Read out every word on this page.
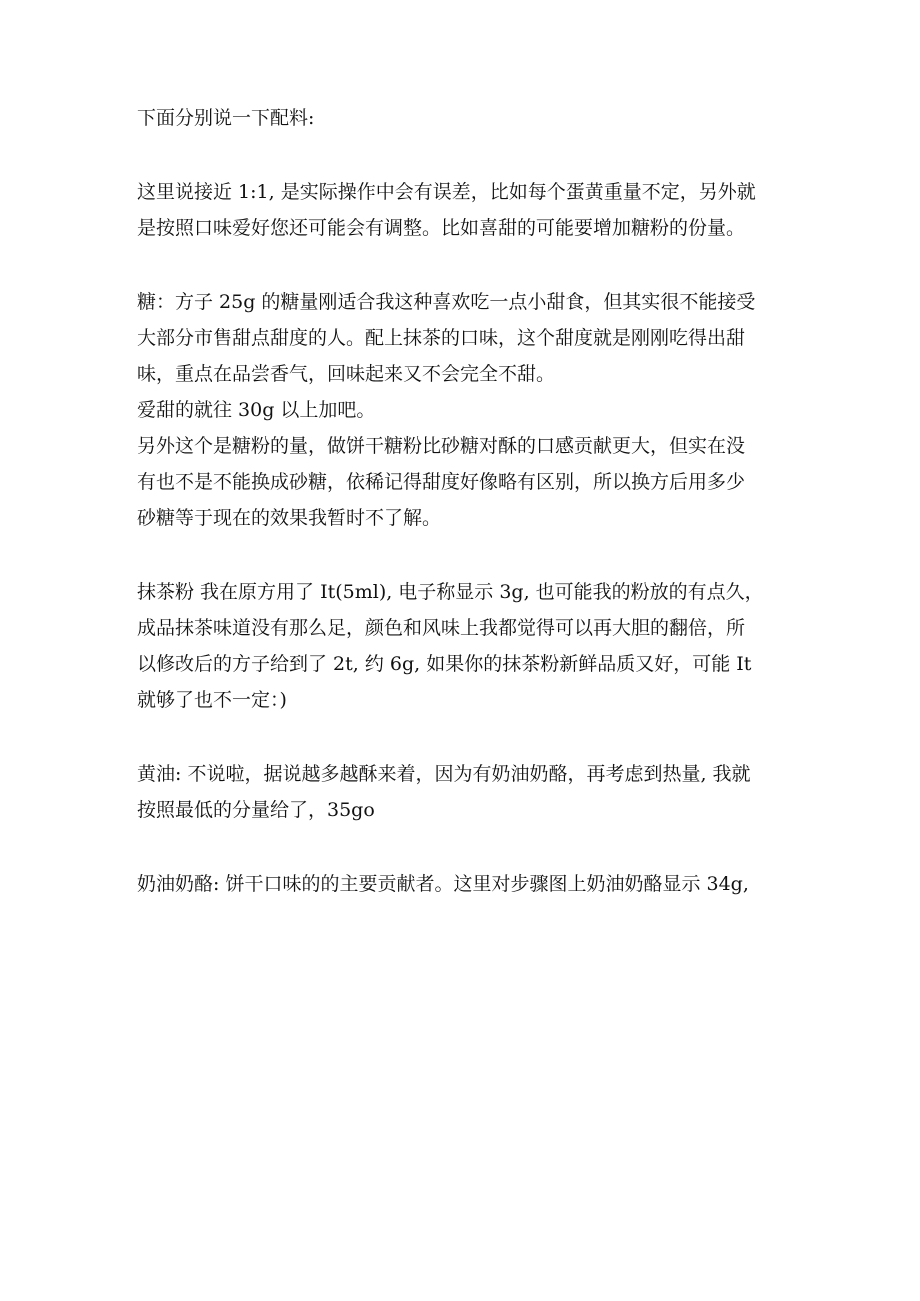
下面分别说一下配料:
这里说接近 1:1, 是实际操作中会有误差，比如每个蛋黄重量不定，另外就
是按照口味爱好您还可能会有调整。比如喜甜的可能要增加糖粉的份量。
糖：方子 25g 的糖量刚适合我这种喜欢吃一点小甜食，但其实很不能接受
大部分市售甜点甜度的人。配上抹茶的口味，这个甜度就是刚刚吃得出甜
味，重点在品尝香气，回味起来又不会完全不甜。
爱甜的就往 30g 以上加吧。
另外这个是糖粉的量，做饼干糖粉比砂糖对酥的口感贡献更大，但实在没
有也不是不能换成砂糖，依稀记得甜度好像略有区别，所以换方后用多少
砂糖等于现在的效果我暂时不了解。
抹茶粉 我在原方用了 It(5ml), 电子称显示 3g, 也可能我的粉放的有点久，
成品抹茶味道没有那么足，颜色和风味上我都觉得可以再大胆的翻倍，所
以修改后的方子给到了 2t, 约 6g, 如果你的抹茶粉新鲜品质又好，可能 It
就够了也不一定：)
黄油: 不说啦，据说越多越酥来着，因为有奶油奶酪，再考虑到热量, 我就
按照最低的分量给了，35go
奶油奶酪: 饼干口味的的主要贡献者。这里对步骤图上奶油奶酪显示 34g,
